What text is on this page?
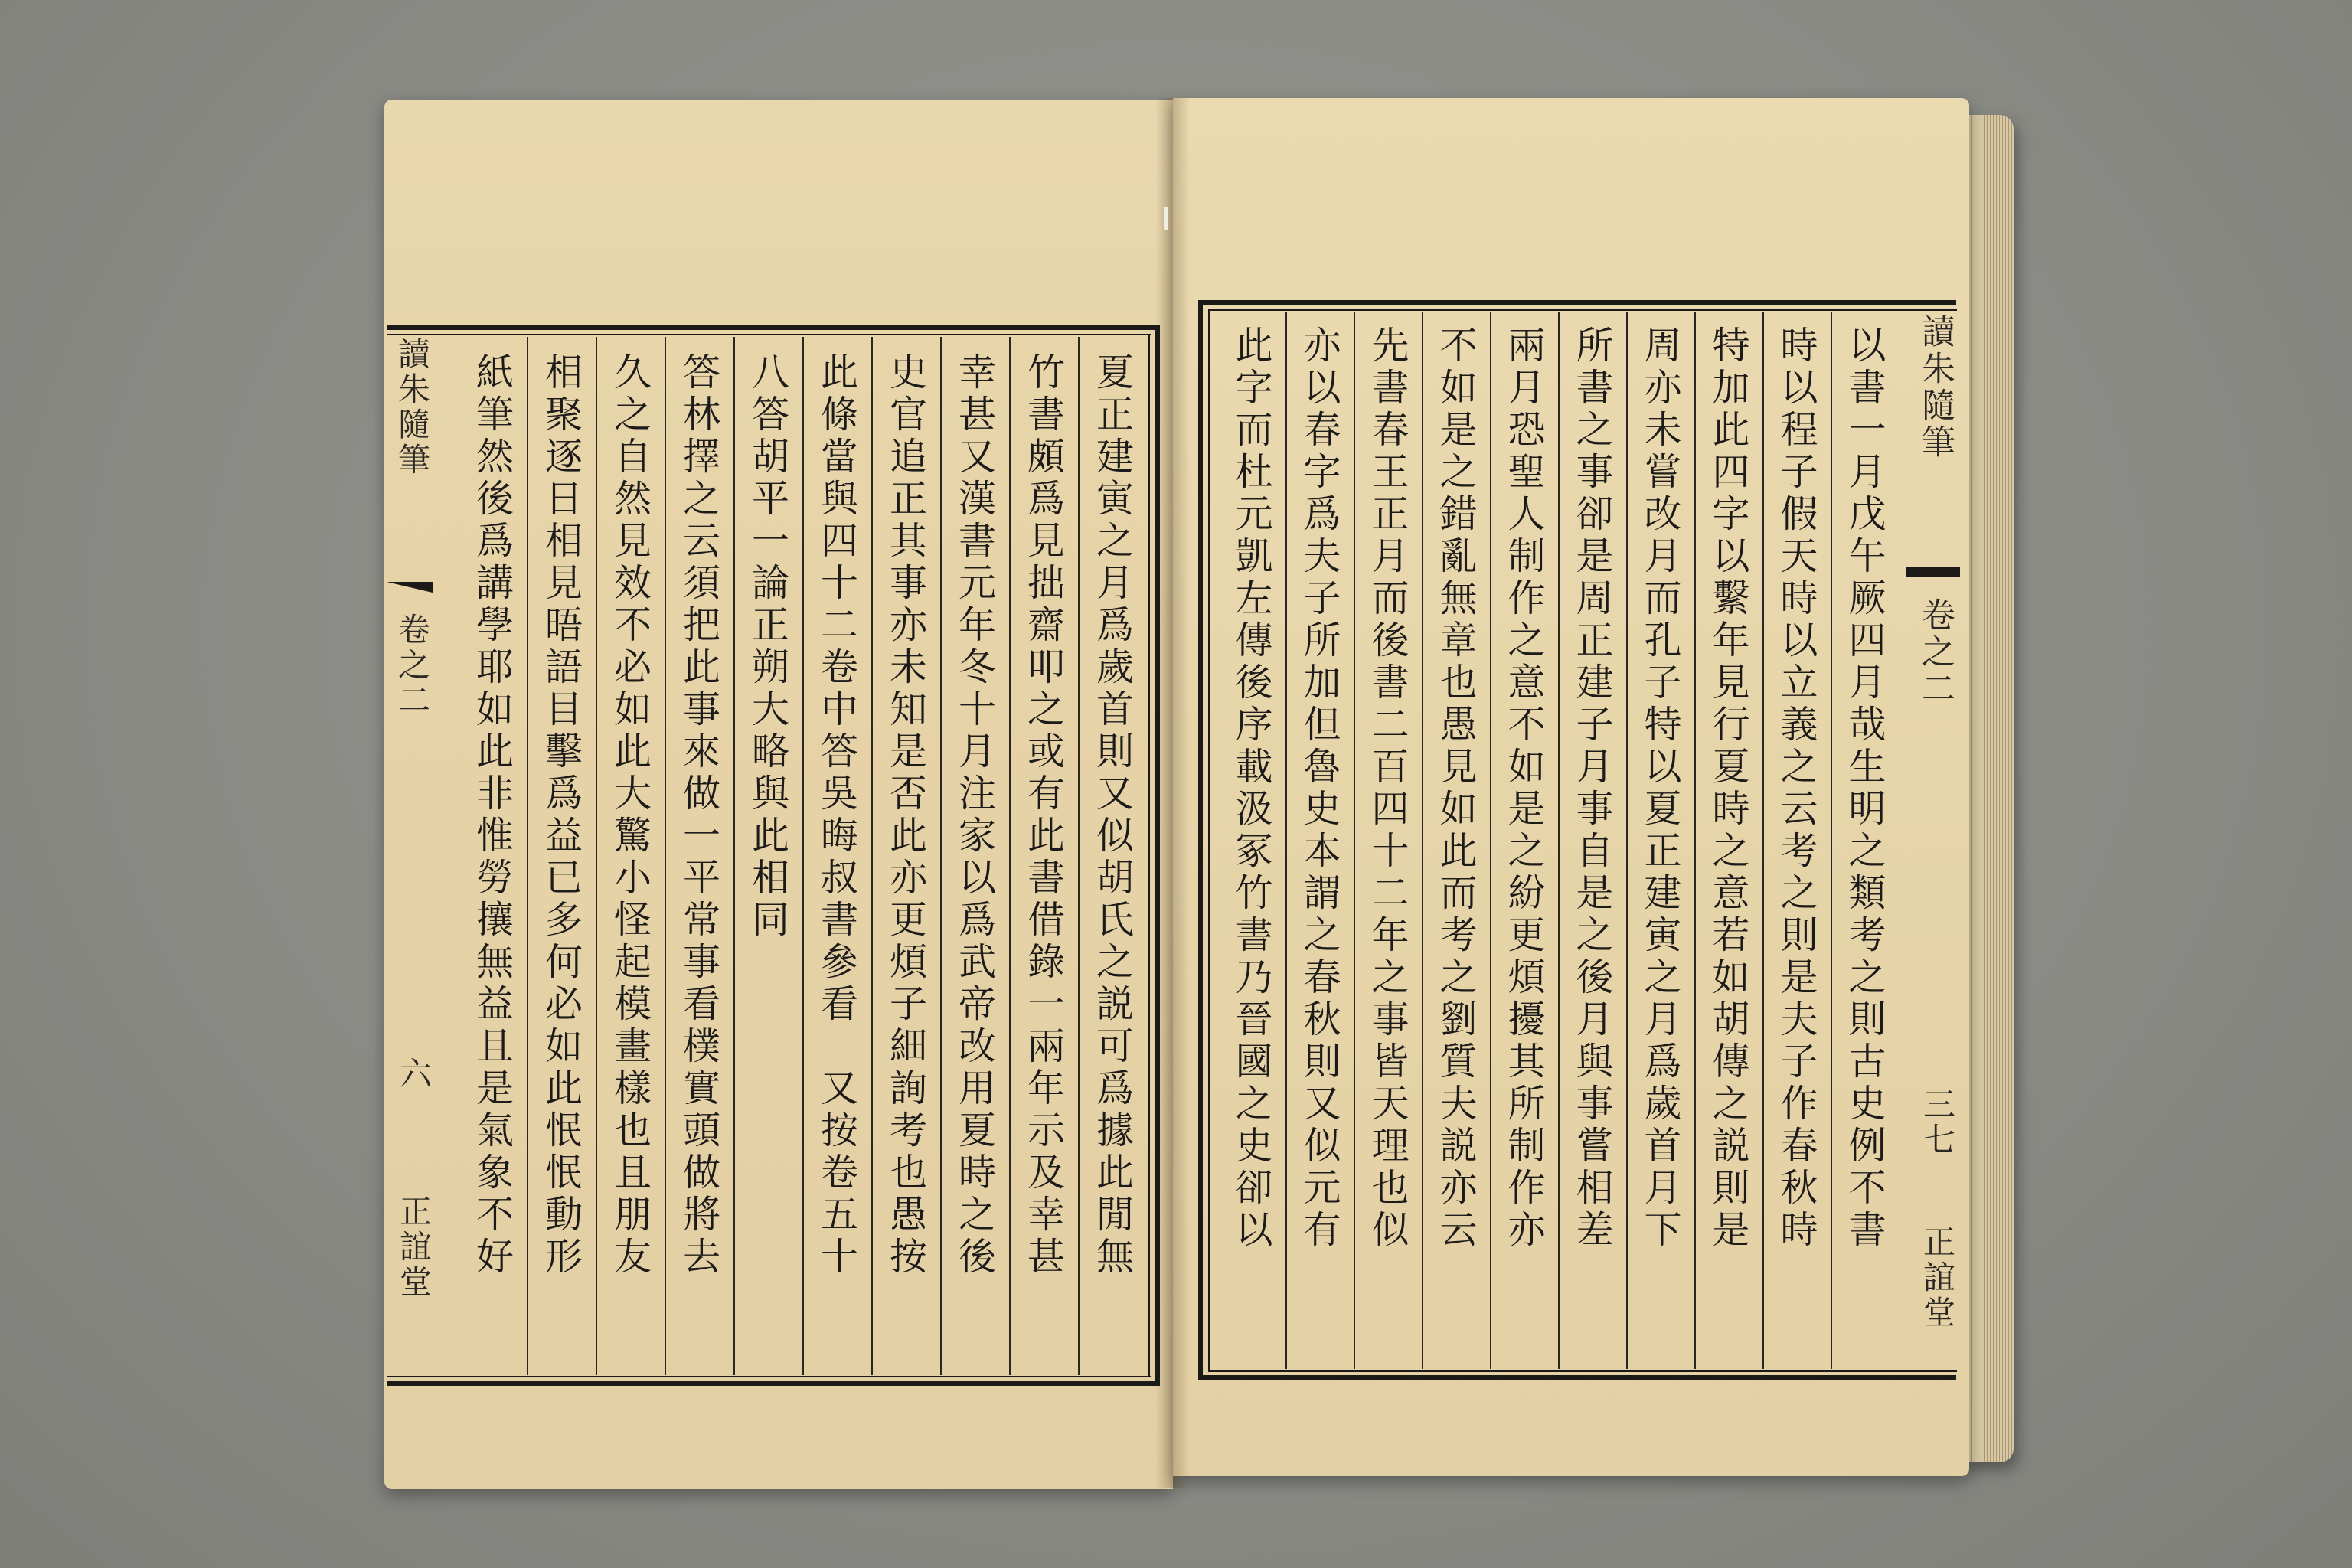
讀朱隨筆
卷之二
六
正誼堂	夏正建寅之月爲歲首則又似胡氏之説可爲據此閒無
竹書頗爲見拙齋叩之或有此書借錄一兩年示及幸甚
幸甚又漢書元年冬十月注家以爲武帝改用夏時之後
史官追正其事亦未知是否此亦更煩子細詢考也愚按
此條當與四十二卷中答吳晦叔書參看　又按卷五十
八答胡平一論正朔大略與此相同
答林擇之云須把此事來做一平常事看樸實頭做將去
久之自然見效不必如此大驚小怪起模畫樣也且朋友
相聚逐日相見晤語目擊爲益已多何必如此怋怋動形
紙筆然後爲講學耶如此非惟勞攘無益且是氣象不好	讀朱隨筆
卷之二
三七
正誼堂
以書一月戊午厥四月哉生明之類考之則古史例不書
時以程子假天時以立義之云考之則是夫子作春秋時
特加此四字以繫年見行夏時之意若如胡傳之説則是
周亦未嘗改月而孔子特以夏正建寅之月爲歲首月下
所書之事卻是周正建子月事自是之後月與事嘗相差
兩月恐聖人制作之意不如是之紛更煩擾其所制作亦
不如是之錯亂無章也愚見如此而考之劉質夫説亦云
先書春王正月而後書二百四十二年之事皆天理也似
亦以春字爲夫子所加但魯史本謂之春秋則又似元有
此字而杜元凱左傳後序載汲冢竹書乃晉國之史卻以
